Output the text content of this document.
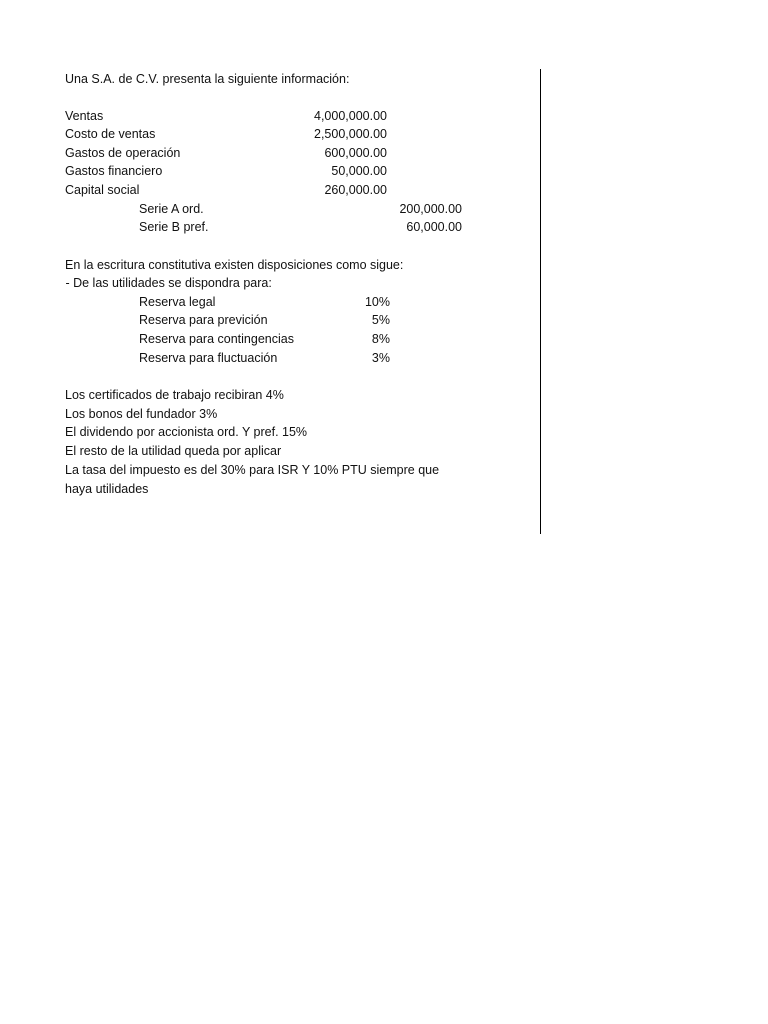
Una S.A. de C.V. presenta la siguiente información:
Ventas	4,000,000.00
Costo de ventas	2,500,000.00
Gastos de operación	600,000.00
Gastos financiero	50,000.00
Capital social	260,000.00
Serie A ord.	200,000.00
Serie B pref.	60,000.00
En la escritura constitutiva existen disposiciones como sigue:
- De las utilidades se dispondra para:
Reserva legal	10%
Reserva para previción	5%
Reserva para contingencias	8%
Reserva para fluctuación	3%
Los certificados de trabajo recibiran 4%
Los bonos del fundador 3%
El dividendo por accionista ord. Y pref. 15%
El resto de la utilidad queda por aplicar
La tasa del impuesto es del 30% para ISR Y 10% PTU siempre que
haya utilidades
